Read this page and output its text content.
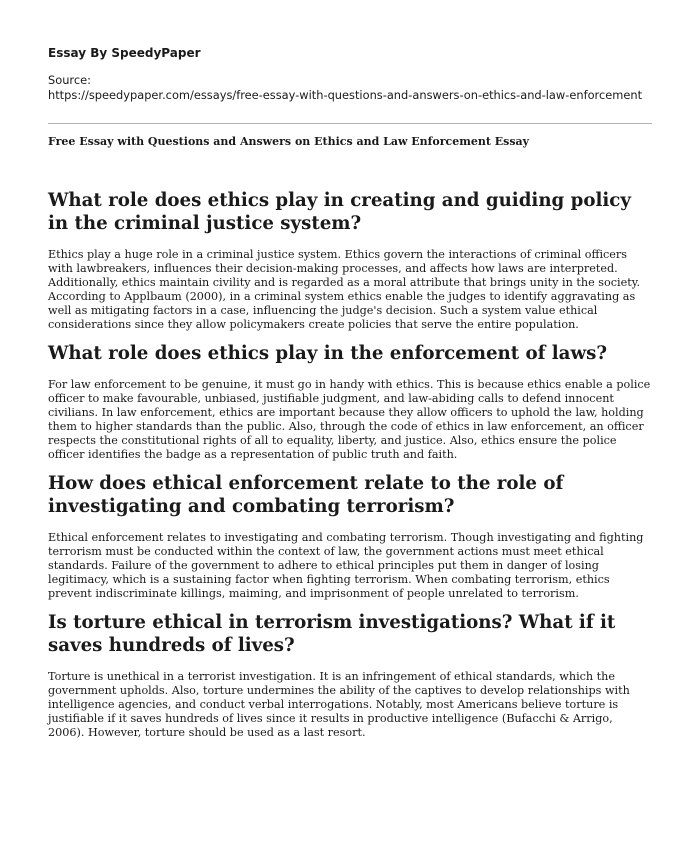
Essay By SpeedyPaper
Source:
https://speedypaper.com/essays/free-essay-with-questions-and-answers-on-ethics-and-law-enforcement
Free Essay with Questions and Answers on Ethics and Law Enforcement Essay
What role does ethics play in creating and guiding policy in the criminal justice system?

Ethics play a huge role in a criminal justice system. Ethics govern the interactions of criminal officers with lawbreakers, influences their decision-making processes, and affects how laws are interpreted. Additionally, ethics maintain civility and is regarded as a moral attribute that brings unity in the society. According to Applbaum (2000), in a criminal system ethics enable the judges to identify aggravating as well as mitigating factors in a case, influencing the judge's decision. Such a system value ethical considerations since they allow policymakers create policies that serve the entire population.

What role does ethics play in the enforcement of laws?

For law enforcement to be genuine, it must go in handy with ethics. This is because ethics enable a police officer to make favourable, unbiased, justifiable judgment, and law-abiding calls to defend innocent civilians. In law enforcement, ethics are important because they allow officers to uphold the law, holding them to higher standards than the public. Also, through the code of ethics in law enforcement, an officer respects the constitutional rights of all to equality, liberty, and justice. Also, ethics ensure the police officer identifies the badge as a representation of public truth and faith.

How does ethical enforcement relate to the role of investigating and combating terrorism?

Ethical enforcement relates to investigating and combating terrorism. Though investigating and fighting terrorism must be conducted within the context of law, the government actions must meet ethical standards. Failure of the government to adhere to ethical principles put them in danger of losing legitimacy, which is a sustaining factor when fighting terrorism. When combating terrorism, ethics prevent indiscriminate killings, maiming, and imprisonment of people unrelated to terrorism.

Is torture ethical in terrorism investigations? What if it saves hundreds of lives?

Torture is unethical in a terrorist investigation. It is an infringement of ethical standards, which the government upholds. Also, torture undermines the ability of the captives to develop relationships with intelligence agencies, and conduct verbal interrogations. Notably, most Americans believe torture is justifiable if it saves hundreds of lives since it results in productive intelligence (Bufacchi & Arrigo, 2006). However, torture should be used as a last resort.
